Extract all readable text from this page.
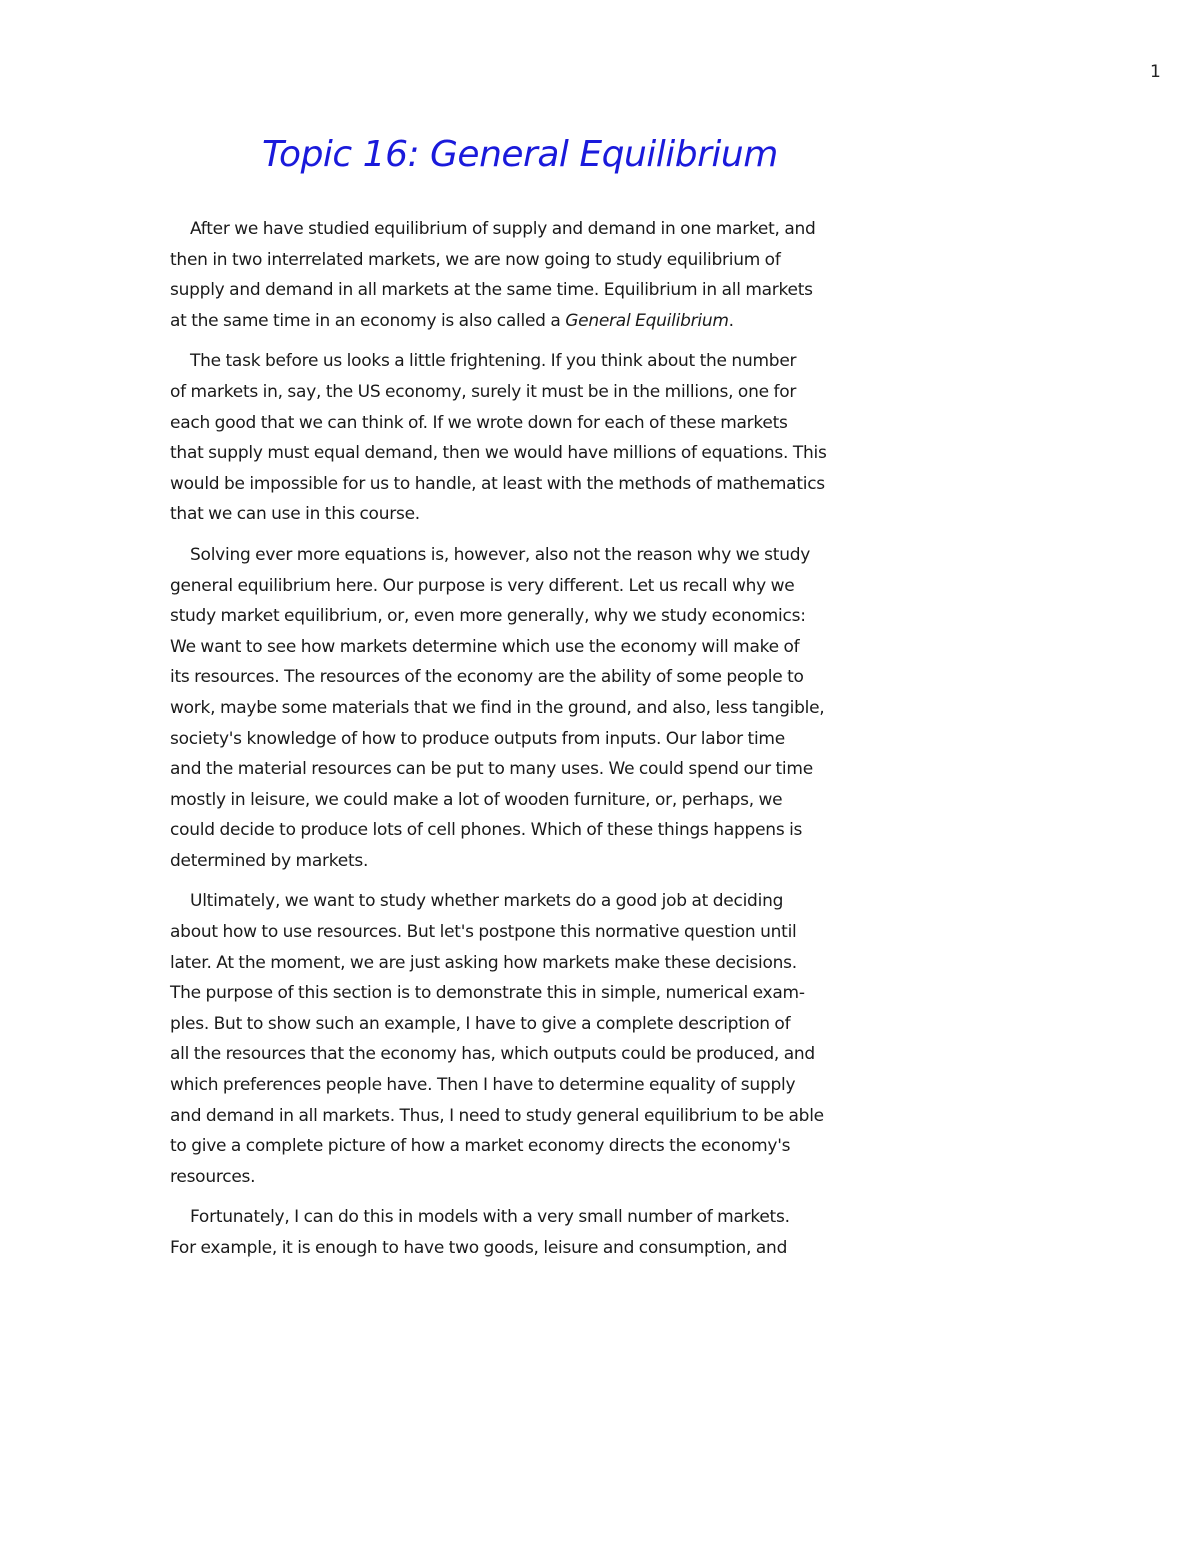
1
Topic 16: General Equilibrium

After we have studied equilibrium of supply and demand in one market, and
then in two interrelated markets, we are now going to study equilibrium of
supply and demand in all markets at the same time. Equilibrium in all markets
at the same time in an economy is also called a General Equilibrium.

The task before us looks a little frightening. If you think about the number
of markets in, say, the US economy, surely it must be in the millions, one for
each good that we can think of. If we wrote down for each of these markets
that supply must equal demand, then we would have millions of equations. This
would be impossible for us to handle, at least with the methods of mathematics
that we can use in this course.

Solving ever more equations is, however, also not the reason why we study
general equilibrium here. Our purpose is very different. Let us recall why we
study market equilibrium, or, even more generally, why we study economics:
We want to see how markets determine which use the economy will make of
its resources. The resources of the economy are the ability of some people to
work, maybe some materials that we find in the ground, and also, less tangible,
society's knowledge of how to produce outputs from inputs. Our labor time
and the material resources can be put to many uses. We could spend our time
mostly in leisure, we could make a lot of wooden furniture, or, perhaps, we
could decide to produce lots of cell phones. Which of these things happens is
determined by markets.

Ultimately, we want to study whether markets do a good job at deciding
about how to use resources. But let's postpone this normative question until
later. At the moment, we are just asking how markets make these decisions.
The purpose of this section is to demonstrate this in simple, numerical exam-
ples. But to show such an example, I have to give a complete description of
all the resources that the economy has, which outputs could be produced, and
which preferences people have. Then I have to determine equality of supply
and demand in all markets. Thus, I need to study general equilibrium to be able
to give a complete picture of how a market economy directs the economy's
resources.

Fortunately, I can do this in models with a very small number of markets.
For example, it is enough to have two goods, leisure and consumption, and
